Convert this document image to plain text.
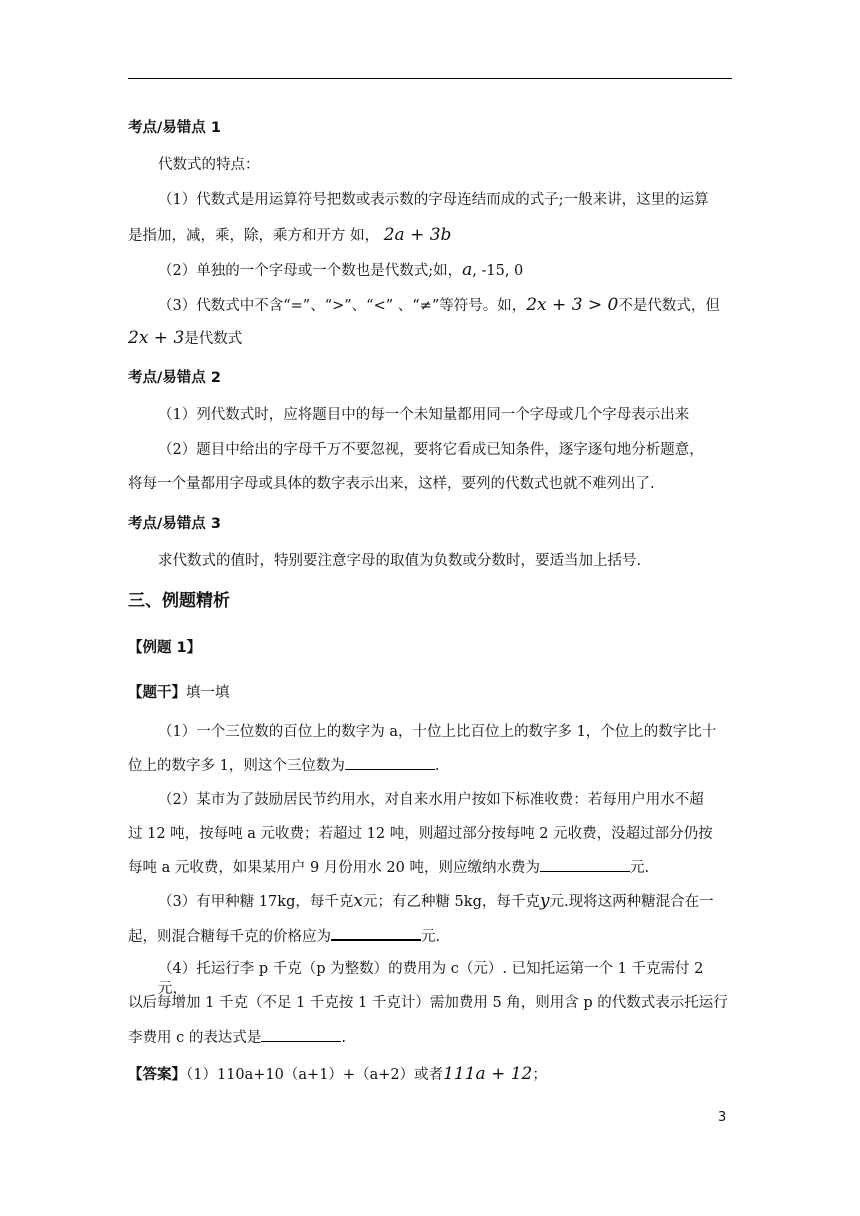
考点/易错点 1
代数式的特点：
（1）代数式是用运算符号把数或表示数的字母连结而成的式子;一般来讲，这里的运算
是指加，减，乘，除，乘方和开方 如， 2a + 3b
（2）单独的一个字母或一个数也是代数式;如，a, -15, 0
（3）代数式中不含“=”、“>”、“<” 、“≠”等符号。如，2x + 3 > 0不是代数式，但
2x + 3是代数式
考点/易错点 2
（1）列代数式时，应将题目中的每一个未知量都用同一个字母或几个字母表示出来
（2）题目中给出的字母千万不要忽视，要将它看成已知条件，逐字逐句地分析题意，
将每一个量都用字母或具体的数字表示出来，这样，要列的代数式也就不难列出了.
考点/易错点 3
求代数式的值时，特别要注意字母的取值为负数或分数时，要适当加上括号.
三、例题精析
【例题 1】
【题干】填一填
（1）一个三位数的百位上的数字为 a，十位上比百位上的数字多 1，个位上的数字比十
位上的数字多 1，则这个三位数为	.
（2）某市为了鼓励居民节约用水，对自来水用户按如下标准收费：若每用户用水不超
过 12 吨，按每吨 a 元收费；若超过 12 吨，则超过部分按每吨 2 元收费，没超过部分仍按
每吨 a 元收费，如果某用户 9 月份用水 20 吨，则应缴纳水费为	元.
（3）有甲种糖 17kg，每千克x元；有乙种糖 5kg，每千克y元.现将这两种糖混合在一
起，则混合糖每千克的价格应为	元.
（4）托运行李 p 千克（p 为整数）的费用为 c（元）. 已知托运第一个 1 千克需付 2 元，
以后每增加 1 千克（不足 1 千克按 1 千克计）需加费用 5 角，则用含 p 的代数式表示托运行
李费用 c 的表达式是	.
【答案】（1）110a+10（a+1）+（a+2）或者111a + 12；
3
